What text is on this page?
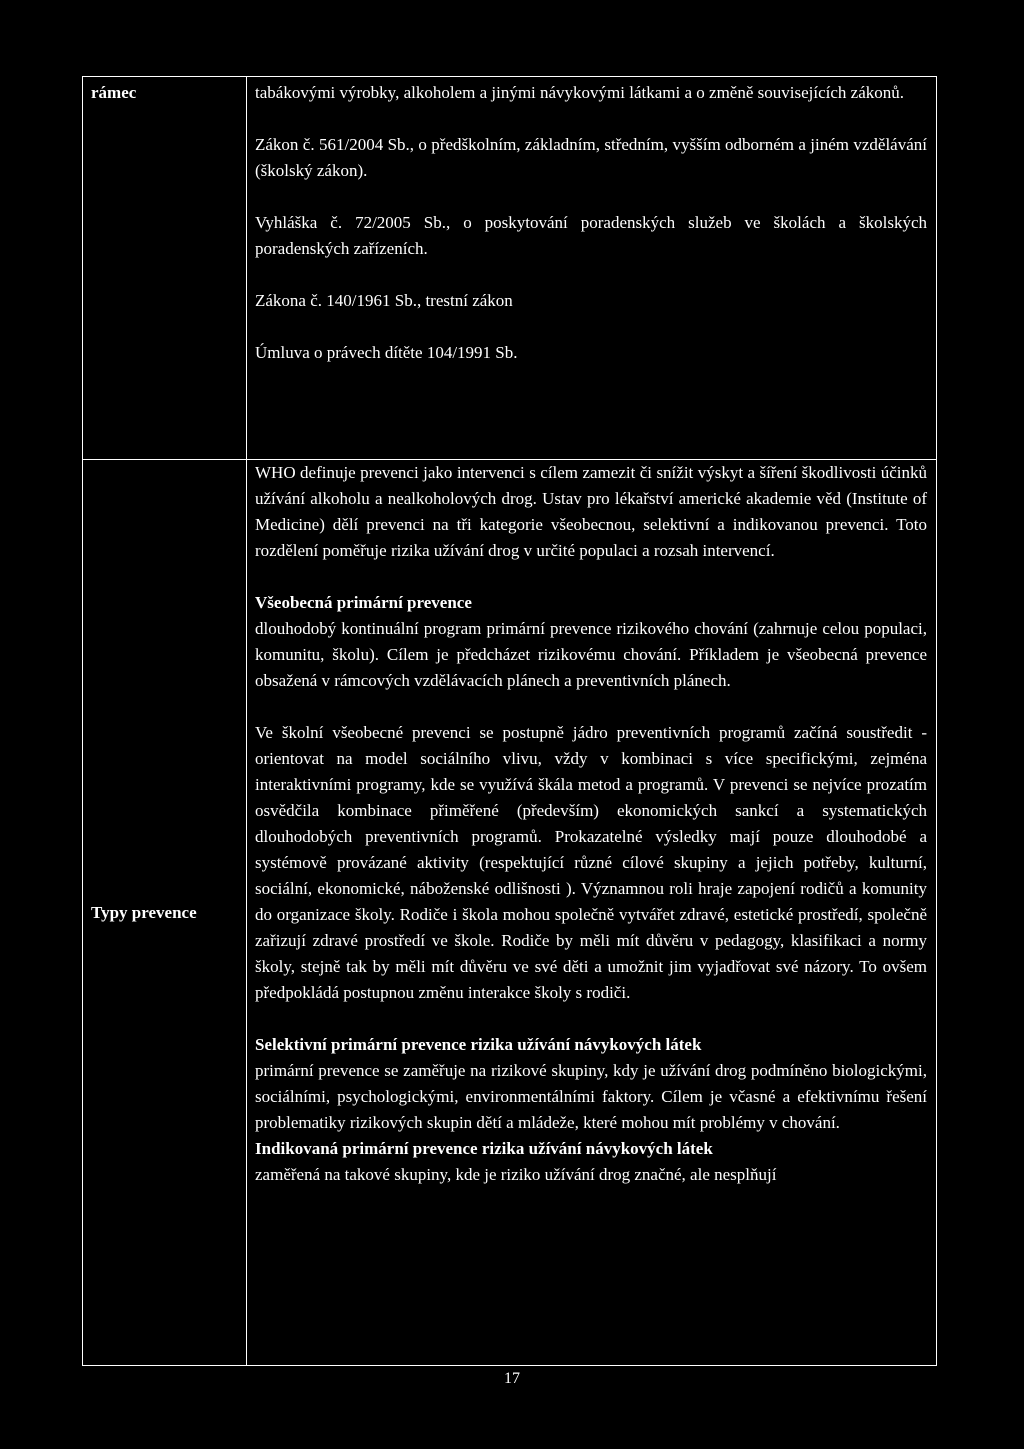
rámec	tabákovými výrobky, alkoholem a jinými návykovými látkami a o změně souvisejících zákonů.

Zákon č. 561/2004 Sb., o předškolním, základním, středním, vyšším odborném a jiném vzdělávání (školský zákon).

Vyhláška č. 72/2005 Sb., o poskytování poradenských služeb ve školách a školských poradenských zařízeních.

Zákona č. 140/1961 Sb., trestní zákon

Úmluva o právech dítěte 104/1991 Sb.

Typy prevence

WHO definuje prevenci jako intervenci s cílem zamezit či snížit výskyt a šíření škodlivosti účinků užívání alkoholu a nealkoholových drog. Ustav pro lékařství americké akademie věd (Institute of Medicine) dělí prevenci na tři kategorie všeobecnou, selektivní a indikovanou prevenci. Toto rozdělení poměřuje rizika užívání drog v určité populaci a rozsah intervencí.

Všeobecná primární prevence

dlouhodobý kontinuální program primární prevence rizikového chování (zahrnuje celou populaci, komunitu, školu). Cílem je předcházet rizikovému chování. Příkladem je všeobecná prevence obsažená v rámcových vzdělávacích plánech a preventivních plánech.

Ve školní všeobecné prevenci se postupně jádro preventivních programů začíná soustředit - orientovat na model sociálního vlivu, vždy v kombinaci s více specifickými, zejména interaktivními programy, kde se využívá škála metod a programů. V prevenci se nejvíce prozatím osvědčila kombinace přiměřené (především) ekonomických sankcí a systematických dlouhodobých preventivních programů. Prokazatelné výsledky mají pouze dlouhodobé a systémově provázané aktivity (respektující různé cílové skupiny a jejich potřeby, kulturní, sociální, ekonomické, náboženské odlišnosti ). Významnou roli hraje zapojení rodičů a komunity do organizace školy. Rodiče i škola mohou společně vytvářet zdravé, estetické prostředí, společně zařizují zdravé prostředí ve škole. Rodiče by měli mít důvěru v pedagogy, klasifikaci a normy školy, stejně tak by měli mít důvěru ve své děti a umožnit jim vyjadřovat své názory. To ovšem předpokládá postupnou změnu interakce školy s rodiči.

Selektivní primární prevence rizika užívání návykových látek

primární prevence se zaměřuje na rizikové skupiny, kdy je užívání drog podmíněno biologickými, sociálními, psychologickými, environmentálními faktory. Cílem je včasné a efektivnímu řešení problematiky rizikových skupin dětí a mládeže, které mohou mít problémy v chování.

Indikovaná primární prevence rizika užívání návykových látek

zaměřená na takové skupiny, kde je riziko užívání drog značné, ale nesplňují

17
